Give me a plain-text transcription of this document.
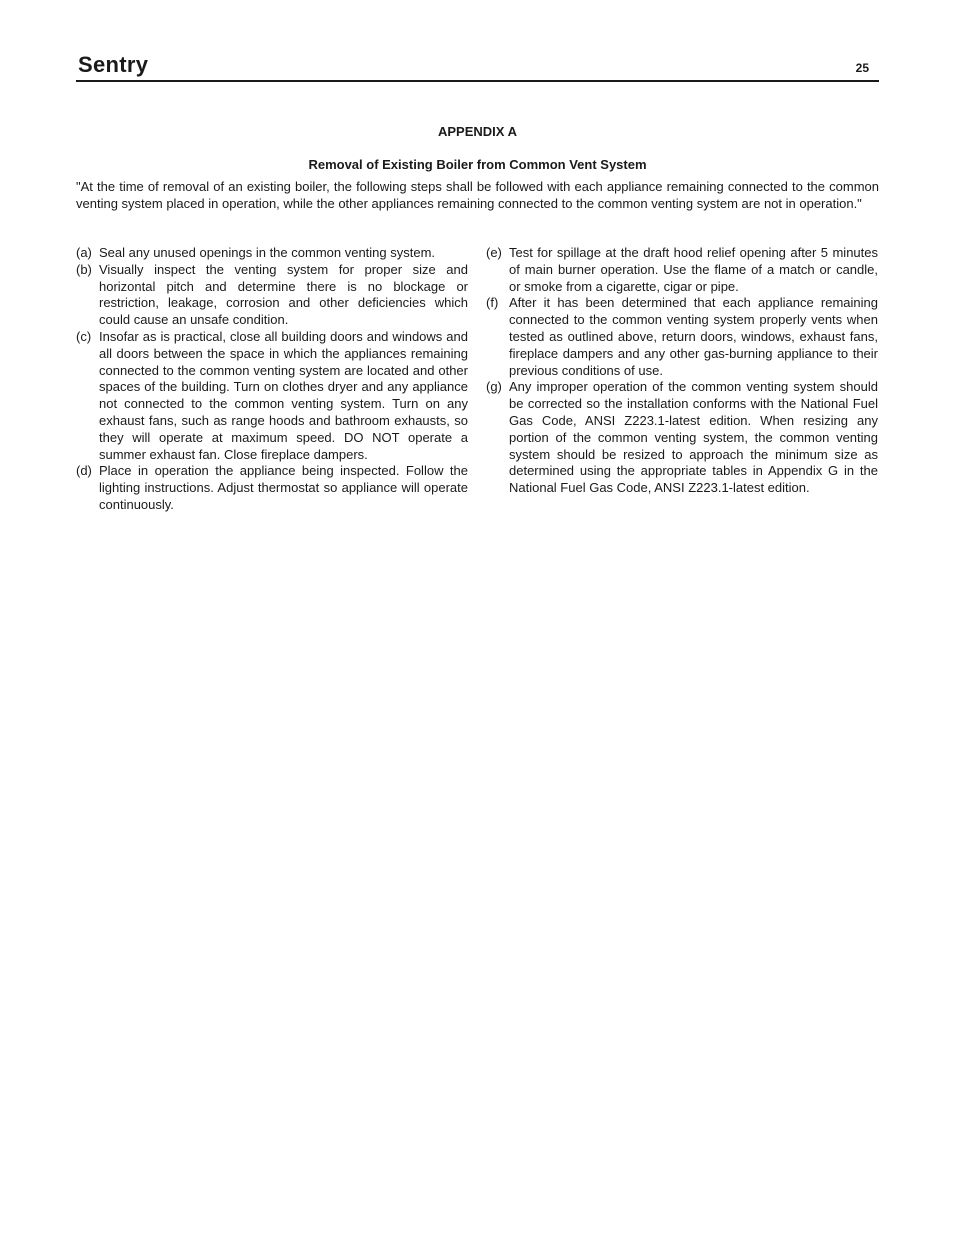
Sentry	25
APPENDIX A
Removal of Existing Boiler from Common Vent System
"At the time of removal of an existing boiler, the following steps shall be followed with each appliance remaining connected to the common venting system placed in operation, while the other appliances remaining connected to the common venting system are not in operation."
(a) Seal any unused openings in the common venting system.
(b) Visually inspect the venting system for proper size and horizontal pitch and determine there is no blockage or restriction, leakage, corrosion and other deficiencies which could cause an unsafe condition.
(c) Insofar as is practical, close all building doors and windows and all doors between the space in which the appliances remaining connected to the common venting system are located and other spaces of the building. Turn on clothes dryer and any appliance not connected to the common venting system. Turn on any exhaust fans, such as range hoods and bathroom exhausts, so they will operate at maximum speed. DO NOT operate a summer exhaust fan. Close fireplace dampers.
(d) Place in operation the appliance being inspected. Follow the lighting instructions. Adjust thermostat so appliance will operate continuously.
(e) Test for spillage at the draft hood relief opening after 5 minutes of main burner operation. Use the flame of a match or candle, or smoke from a cigarette, cigar or pipe.
(f) After it has been determined that each appliance remaining connected to the common venting system properly vents when tested as outlined above, return doors, windows, exhaust fans, fireplace dampers and any other gas-burning appliance to their previous conditions of use.
(g) Any improper operation of the common venting system should be corrected so the installation conforms with the National Fuel Gas Code, ANSI Z223.1-latest edition. When resizing any portion of the common venting system, the common venting system should be resized to approach the minimum size as determined using the appropriate tables in Appendix G in the National Fuel Gas Code, ANSI Z223.1-latest edition.
